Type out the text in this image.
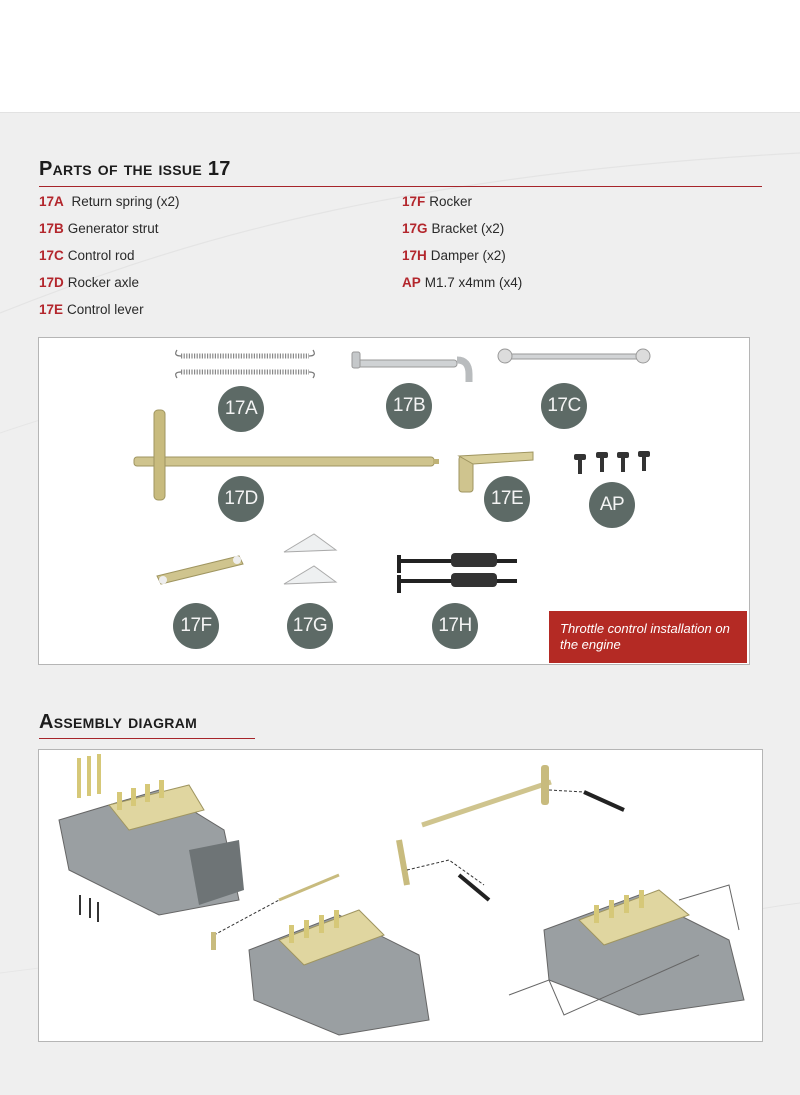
Parts of the issue 17
17A Return spring (x2)
17B Generator strut
17C Control rod
17D Rocker axle
17E Control lever
17F Rocker
17G Bracket (x2)
17H Damper (x2)
AP M1.7 x4mm (x4)
17A	17B	17C
17D	17E	AP
17F	17G	17H	Throttle control installation on the engine
Assembly diagram
